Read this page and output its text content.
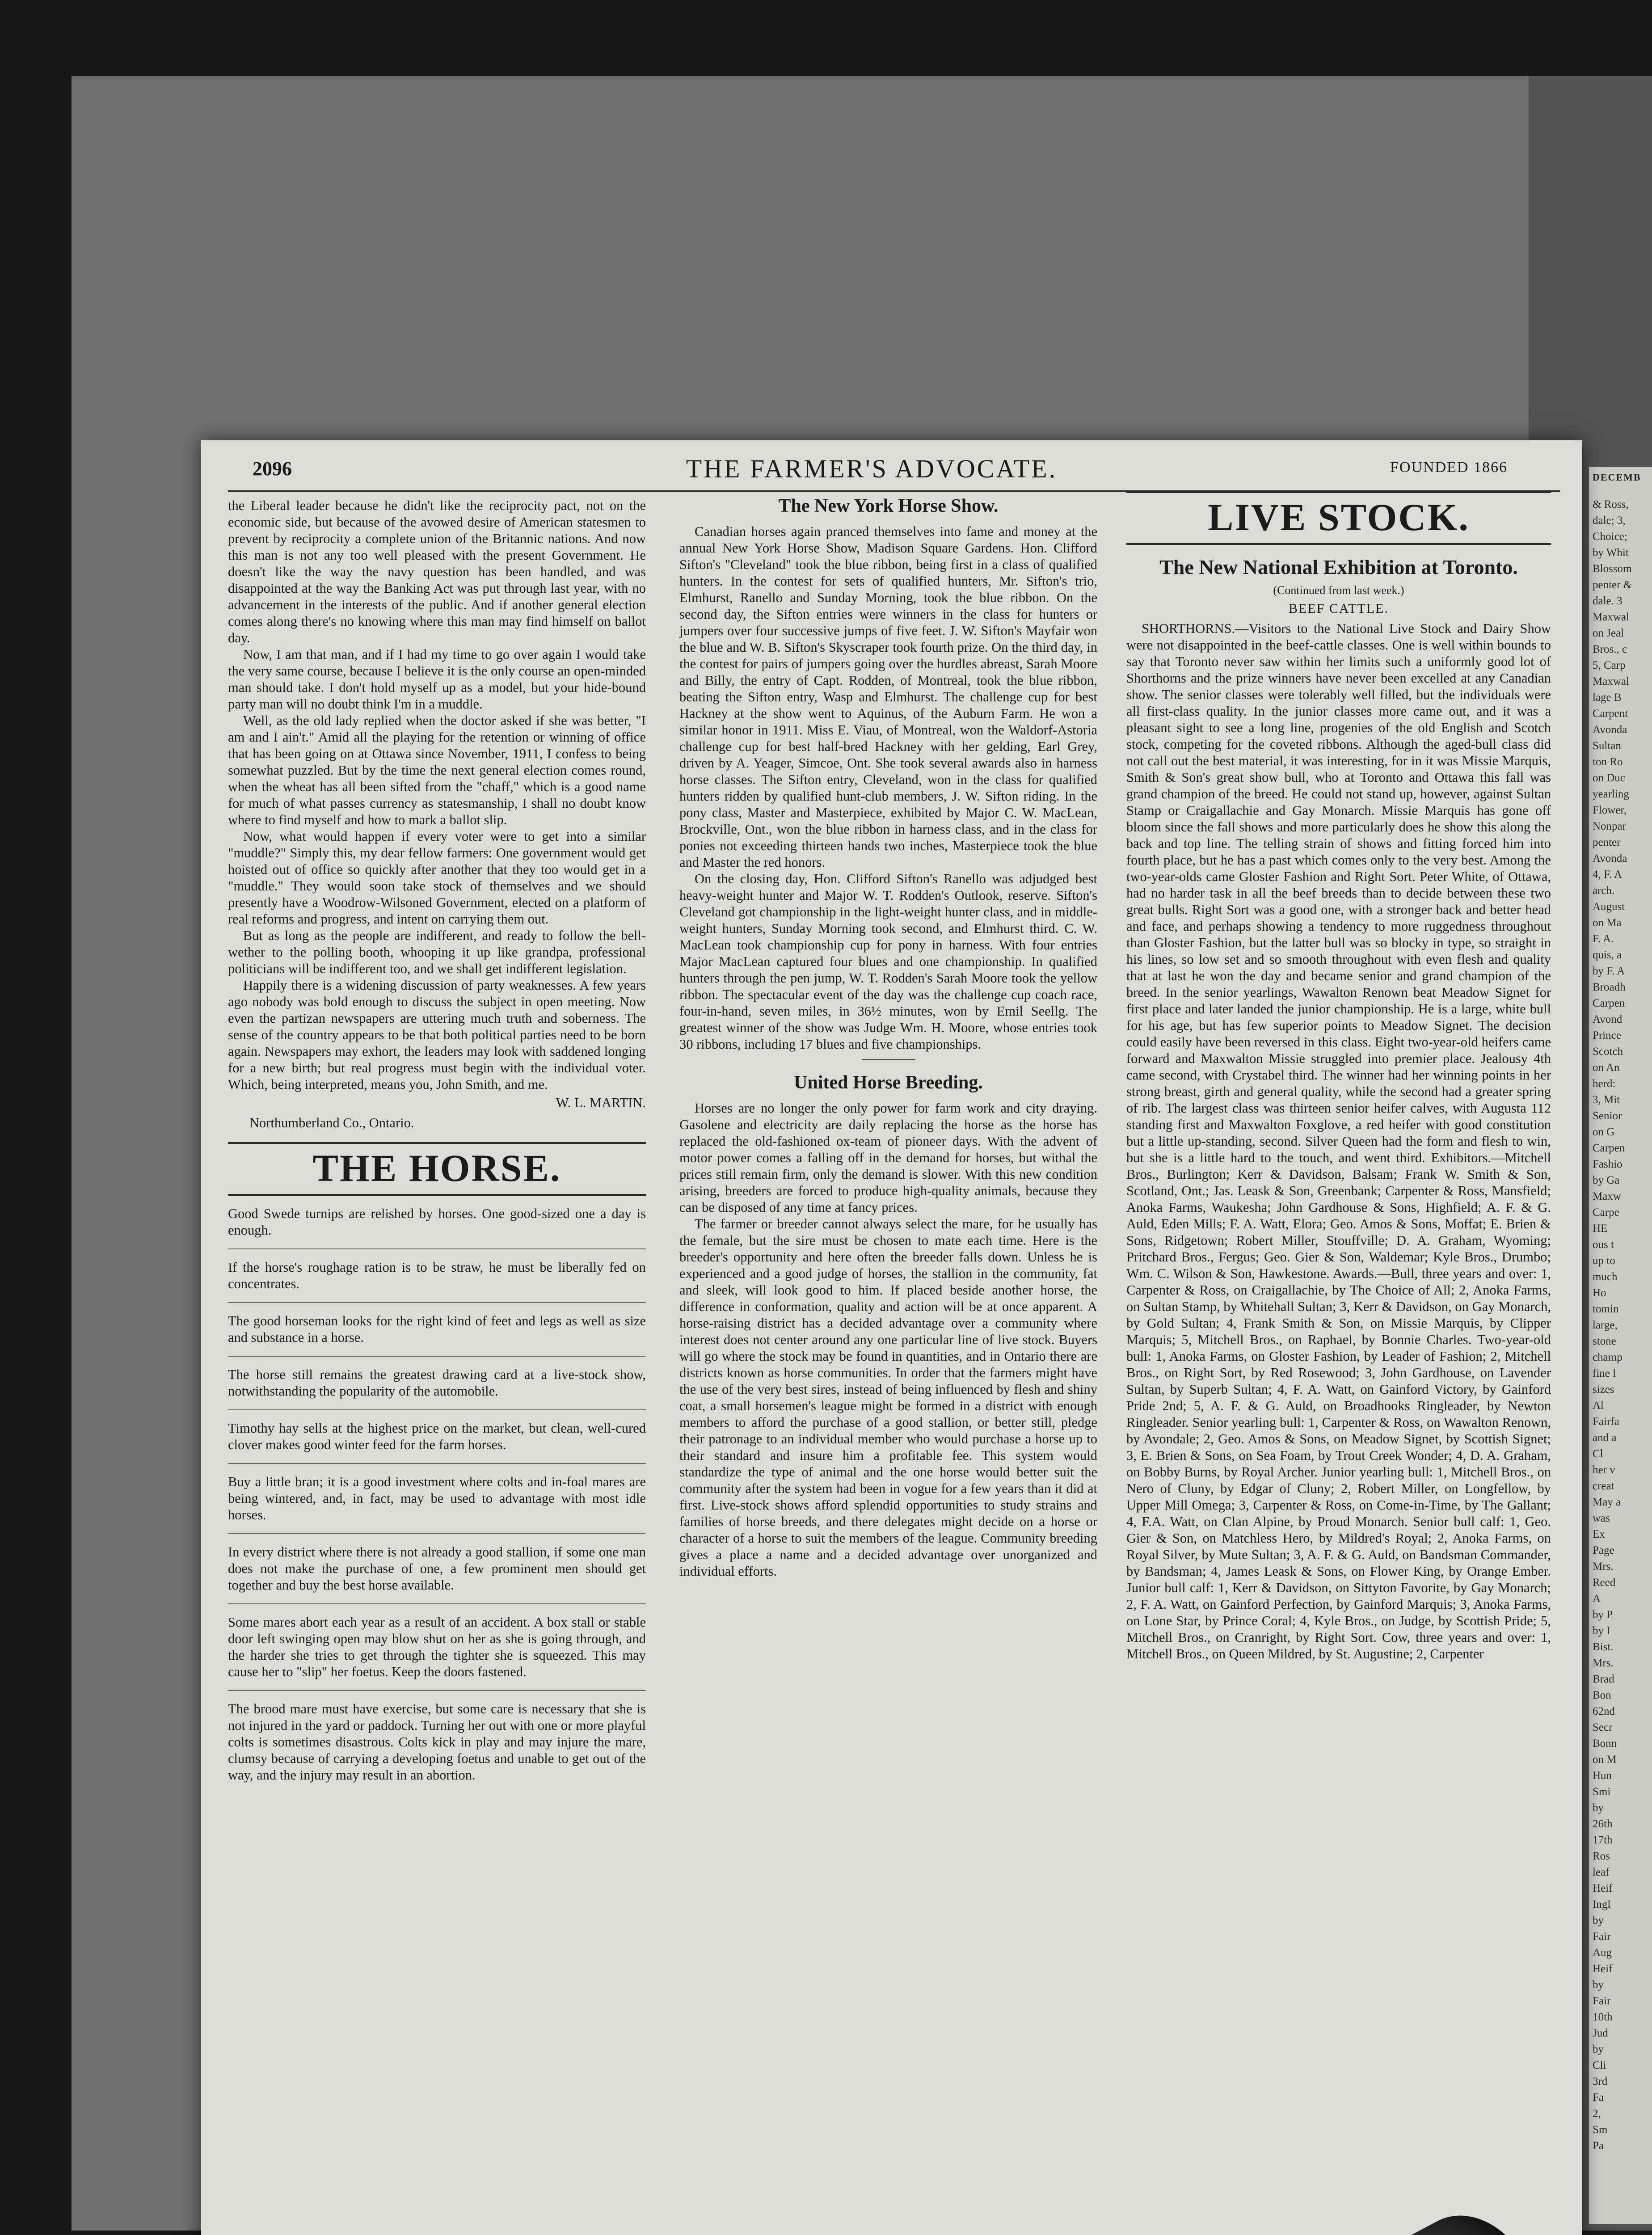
DECEMB
& Ross,
dale; 3,
Choice;
by Whit
Blossom
penter &
dale. 3
Maxwal
on Jeal
Bros., c
5, Carp
Maxwal
lage B
Carpent
Avonda
Sultan
ton Ro
on Duc
yearling
Flower,
Nonpar
penter
Avonda
4, F. A
arch.
August
on Ma
F. A.
quis, a
by F. A
Broadh
Carpen
Avond
Prince
Scotch
on An
herd:
3, Mit
Senior
on G
Carpen
Fashio
by Ga
Maxw
Carpe
HE
ous t
up to
much
Ho
tomin
large,
stone
champ
fine l
sizes
Al
Fairfa
and a
Cl
her v
creat
May a
was
Ex
Page
Mrs.
Reed
A
by P
by I
Bist.
Mrs.
Brad
Bon
62nd
Secr
Bonn
on M
Hun
Smi
by
26th
17th
Ros
leaf
Heif
Ingl
by
Fair
Aug
Heif
by
Fair
10th
Jud
by
Cli
3rd
Fa
2,
Sm
Pa
2096	THE FARMER'S ADVOCATE.	FOUNDED 1866

the Liberal leader because he didn't like the reciprocity pact, not on the economic side, but because of the avowed desire of American statesmen to prevent by reciprocity a complete union of the Britannic nations. And now this man is not any too well pleased with the present Government. He doesn't like the way the navy question has been handled, and was disappointed at the way the Banking Act was put through last year, with no advancement in the interests of the public. And if another general election comes along there's no knowing where this man may find himself on ballot day.

Now, I am that man, and if I had my time to go over again I would take the very same course, because I believe it is the only course an open-minded man should take. I don't hold myself up as a model, but your hide-bound party man will no doubt think I'm in a muddle.

Well, as the old lady replied when the doctor asked if she was better, "I am and I ain't." Amid all the playing for the retention or winning of office that has been going on at Ottawa since November, 1911, I confess to being somewhat puzzled. But by the time the next general election comes round, when the wheat has all been sifted from the "chaff," which is a good name for much of what passes currency as statesmanship, I shall no doubt know where to find myself and how to mark a ballot slip.

Now, what would happen if every voter were to get into a similar "muddle?" Simply this, my dear fellow farmers: One government would get hoisted out of office so quickly after another that they too would get in a "muddle." They would soon take stock of themselves and we should presently have a Woodrow-Wilsoned Government, elected on a platform of real reforms and progress, and intent on carrying them out.

But as long as the people are indifferent, and ready to follow the bell-wether to the polling booth, whooping it up like grandpa, professional politicians will be indifferent too, and we shall get indifferent legislation.

Happily there is a widening discussion of party weaknesses. A few years ago nobody was bold enough to discuss the subject in open meeting. Now even the partizan newspapers are uttering much truth and soberness. The sense of the country appears to be that both political parties need to be born again. Newspapers may exhort, the leaders may look with saddened longing for a new birth; but real progress must begin with the individual voter. Which, being interpreted, means you, John Smith, and me.

W. L. MARTIN.

Northumberland Co., Ontario.

THE HORSE.

Good Swede turnips are relished by horses. One good-sized one a day is enough.

If the horse's roughage ration is to be straw, he must be liberally fed on concentrates.

The good horseman looks for the right kind of feet and legs as well as size and substance in a horse.

The horse still remains the greatest drawing card at a live-stock show, notwithstanding the popularity of the automobile.

Timothy hay sells at the highest price on the market, but clean, well-cured clover makes good winter feed for the farm horses.

Buy a little bran; it is a good investment where colts and in-foal mares are being wintered, and, in fact, may be used to advantage with most idle horses.

In every district where there is not already a good stallion, if some one man does not make the purchase of one, a few prominent men should get together and buy the best horse available.

Some mares abort each year as a result of an accident. A box stall or stable door left swinging open may blow shut on her as she is going through, and the harder she tries to get through the tighter she is squeezed. This may cause her to "slip" her foetus. Keep the doors fastened.

The brood mare must have exercise, but some care is necessary that she is not injured in the yard or paddock. Turning her out with one or more playful colts is sometimes disastrous. Colts kick in play and may injure the mare, clumsy because of carrying a developing foetus and unable to get out of the way, and the injury may result in an abortion.

The New York Horse Show.

Canadian horses again pranced themselves into fame and money at the annual New York Horse Show, Madison Square Gardens. Hon. Clifford Sifton's "Cleveland" took the blue ribbon, being first in a class of qualified hunters. In the contest for sets of qualified hunters, Mr. Sifton's trio, Elmhurst, Ranello and Sunday Morning, took the blue ribbon. On the second day, the Sifton entries were winners in the class for hunters or jumpers over four successive jumps of five feet. J. W. Sifton's Mayfair won the blue and W. B. Sifton's Skyscraper took fourth prize. On the third day, in the contest for pairs of jumpers going over the hurdles abreast, Sarah Moore and Billy, the entry of Capt. Rodden, of Montreal, took the blue ribbon, beating the Sifton entry, Wasp and Elmhurst. The challenge cup for best Hackney at the show went to Aquinus, of the Auburn Farm. He won a similar honor in 1911. Miss E. Viau, of Montreal, won the Waldorf-Astoria challenge cup for best half-bred Hackney with her gelding, Earl Grey, driven by A. Yeager, Simcoe, Ont. She took several awards also in harness horse classes. The Sifton entry, Cleveland, won in the class for qualified hunters ridden by qualified hunt-club members, J. W. Sifton riding. In the pony class, Master and Masterpiece, exhibited by Major C. W. MacLean, Brockville, Ont., won the blue ribbon in harness class, and in the class for ponies not exceeding thirteen hands two inches, Masterpiece took the blue and Master the red honors.

On the closing day, Hon. Clifford Sifton's Ranello was adjudged best heavy-weight hunter and Major W. T. Rodden's Outlook, reserve. Sifton's Cleveland got championship in the light-weight hunter class, and in middle-weight hunters, Sunday Morning took second, and Elmhurst third. C. W. MacLean took championship cup for pony in harness. With four entries Major MacLean captured four blues and one championship. In qualified hunters through the pen jump, W. T. Rodden's Sarah Moore took the yellow ribbon. The spectacular event of the day was the challenge cup coach race, four-in-hand, seven miles, in 36½ minutes, won by Emil Seellg. The greatest winner of the show was Judge Wm. H. Moore, whose entries took 30 ribbons, including 17 blues and five championships.

United Horse Breeding.

Horses are no longer the only power for farm work and city draying. Gasolene and electricity are daily replacing the horse as the horse has replaced the old-fashioned ox-team of pioneer days. With the advent of motor power comes a falling off in the demand for horses, but withal the prices still remain firm, only the demand is slower. With this new condition arising, breeders are forced to produce high-quality animals, because they can be disposed of any time at fancy prices.

The farmer or breeder cannot always select the mare, for he usually has the female, but the sire must be chosen to mate each time. Here is the breeder's opportunity and here often the breeder falls down. Unless he is experienced and a good judge of horses, the stallion in the community, fat and sleek, will look good to him. If placed beside another horse, the difference in conformation, quality and action will be at once apparent. A horse-raising district has a decided advantage over a community where interest does not center around any one particular line of live stock. Buyers will go where the stock may be found in quantities, and in Ontario there are districts known as horse communities. In order that the farmers might have the use of the very best sires, instead of being influenced by flesh and shiny coat, a small horsemen's league might be formed in a district with enough members to afford the purchase of a good stallion, or better still, pledge their patronage to an individual member who would purchase a horse up to their standard and insure him a profitable fee. This system would standardize the type of animal and the one horse would better suit the community after the system had been in vogue for a few years than it did at first. Live-stock shows afford splendid opportunities to study strains and families of horse breeds, and there delegates might decide on a horse or character of a horse to suit the members of the league. Community breeding gives a place a name and a decided advantage over unorganized and individual efforts.

LIVE STOCK.
The New National Exhibition at Toronto.
(Continued from last week.)
BEEF CATTLE.

SHORTHORNS.—Visitors to the National Live Stock and Dairy Show were not disappointed in the beef-cattle classes. One is well within bounds to say that Toronto never saw within her limits such a uniformly good lot of Shorthorns and the prize winners have never been excelled at any Canadian show. The senior classes were tolerably well filled, but the individuals were all first-class quality. In the junior classes more came out, and it was a pleasant sight to see a long line, progenies of the old English and Scotch stock, competing for the coveted ribbons. Although the aged-bull class did not call out the best material, it was interesting, for in it was Missie Marquis, Smith & Son's great show bull, who at Toronto and Ottawa this fall was grand champion of the breed. He could not stand up, however, against Sultan Stamp or Craigallachie and Gay Monarch. Missie Marquis has gone off bloom since the fall shows and more particularly does he show this along the back and top line. The telling strain of shows and fitting forced him into fourth place, but he has a past which comes only to the very best. Among the two-year-olds came Gloster Fashion and Right Sort. Peter White, of Ottawa, had no harder task in all the beef breeds than to decide between these two great bulls. Right Sort was a good one, with a stronger back and better head and face, and perhaps showing a tendency to more ruggedness throughout than Gloster Fashion, but the latter bull was so blocky in type, so straight in his lines, so low set and so smooth throughout with even flesh and quality that at last he won the day and became senior and grand champion of the breed. In the senior yearlings, Wawalton Renown beat Meadow Signet for first place and later landed the junior championship. He is a large, white bull for his age, but has few superior points to Meadow Signet. The decision could easily have been reversed in this class. Eight two-year-old heifers came forward and Maxwalton Missie struggled into premier place. Jealousy 4th came second, with Crystabel third. The winner had her winning points in her strong breast, girth and general quality, while the second had a greater spring of rib. The largest class was thirteen senior heifer calves, with Augusta 112 standing first and Maxwalton Foxglove, a red heifer with good constitution but a little up-standing, second. Silver Queen had the form and flesh to win, but she is a little hard to the touch, and went third. Exhibitors.—Mitchell Bros., Burlington; Kerr & Davidson, Balsam; Frank W. Smith & Son, Scotland, Ont.; Jas. Leask & Son, Greenbank; Carpenter & Ross, Mansfield; Anoka Farms, Waukesha; John Gardhouse & Sons, Highfield; A. F. & G. Auld, Eden Mills; F. A. Watt, Elora; Geo. Amos & Sons, Moffat; E. Brien & Sons, Ridgetown; Robert Miller, Stouffville; D. A. Graham, Wyoming; Pritchard Bros., Fergus; Geo. Gier & Son, Waldemar; Kyle Bros., Drumbo; Wm. C. Wilson & Son, Hawkestone. Awards.—Bull, three years and over: 1, Carpenter & Ross, on Craigallachie, by The Choice of All; 2, Anoka Farms, on Sultan Stamp, by Whitehall Sultan; 3, Kerr & Davidson, on Gay Monarch, by Gold Sultan; 4, Frank Smith & Son, on Missie Marquis, by Clipper Marquis; 5, Mitchell Bros., on Raphael, by Bonnie Charles. Two-year-old bull: 1, Anoka Farms, on Gloster Fashion, by Leader of Fashion; 2, Mitchell Bros., on Right Sort, by Red Rosewood; 3, John Gardhouse, on Lavender Sultan, by Superb Sultan; 4, F. A. Watt, on Gainford Victory, by Gainford Pride 2nd; 5, A. F. & G. Auld, on Broadhooks Ringleader, by Newton Ringleader. Senior yearling bull: 1, Carpenter & Ross, on Wawalton Renown, by Avondale; 2, Geo. Amos & Sons, on Meadow Signet, by Scottish Signet; 3, E. Brien & Sons, on Sea Foam, by Trout Creek Wonder; 4, D. A. Graham, on Bobby Burns, by Royal Archer. Junior yearling bull: 1, Mitchell Bros., on Nero of Cluny, by Edgar of Cluny; 2, Robert Miller, on Longfellow, by Upper Mill Omega; 3, Carpenter & Ross, on Come-in-Time, by The Gallant; 4, F.A. Watt, on Clan Alpine, by Proud Monarch. Senior bull calf: 1, Geo. Gier & Son, on Matchless Hero, by Mildred's Royal; 2, Anoka Farms, on Royal Silver, by Mute Sultan; 3, A. F. & G. Auld, on Bandsman Commander, by Bandsman; 4, James Leask & Sons, on Flower King, by Orange Ember. Junior bull calf: 1, Kerr & Davidson, on Sittyton Favorite, by Gay Monarch; 2, F. A. Watt, on Gainford Perfection, by Gainford Marquis; 3, Anoka Farms, on Lone Star, by Prince Coral; 4, Kyle Bros., on Judge, by Scottish Pride; 5, Mitchell Bros., on Cranright, by Right Sort. Cow, three years and over: 1, Mitchell Bros., on Queen Mildred, by St. Augustine; 2, Carpenter
